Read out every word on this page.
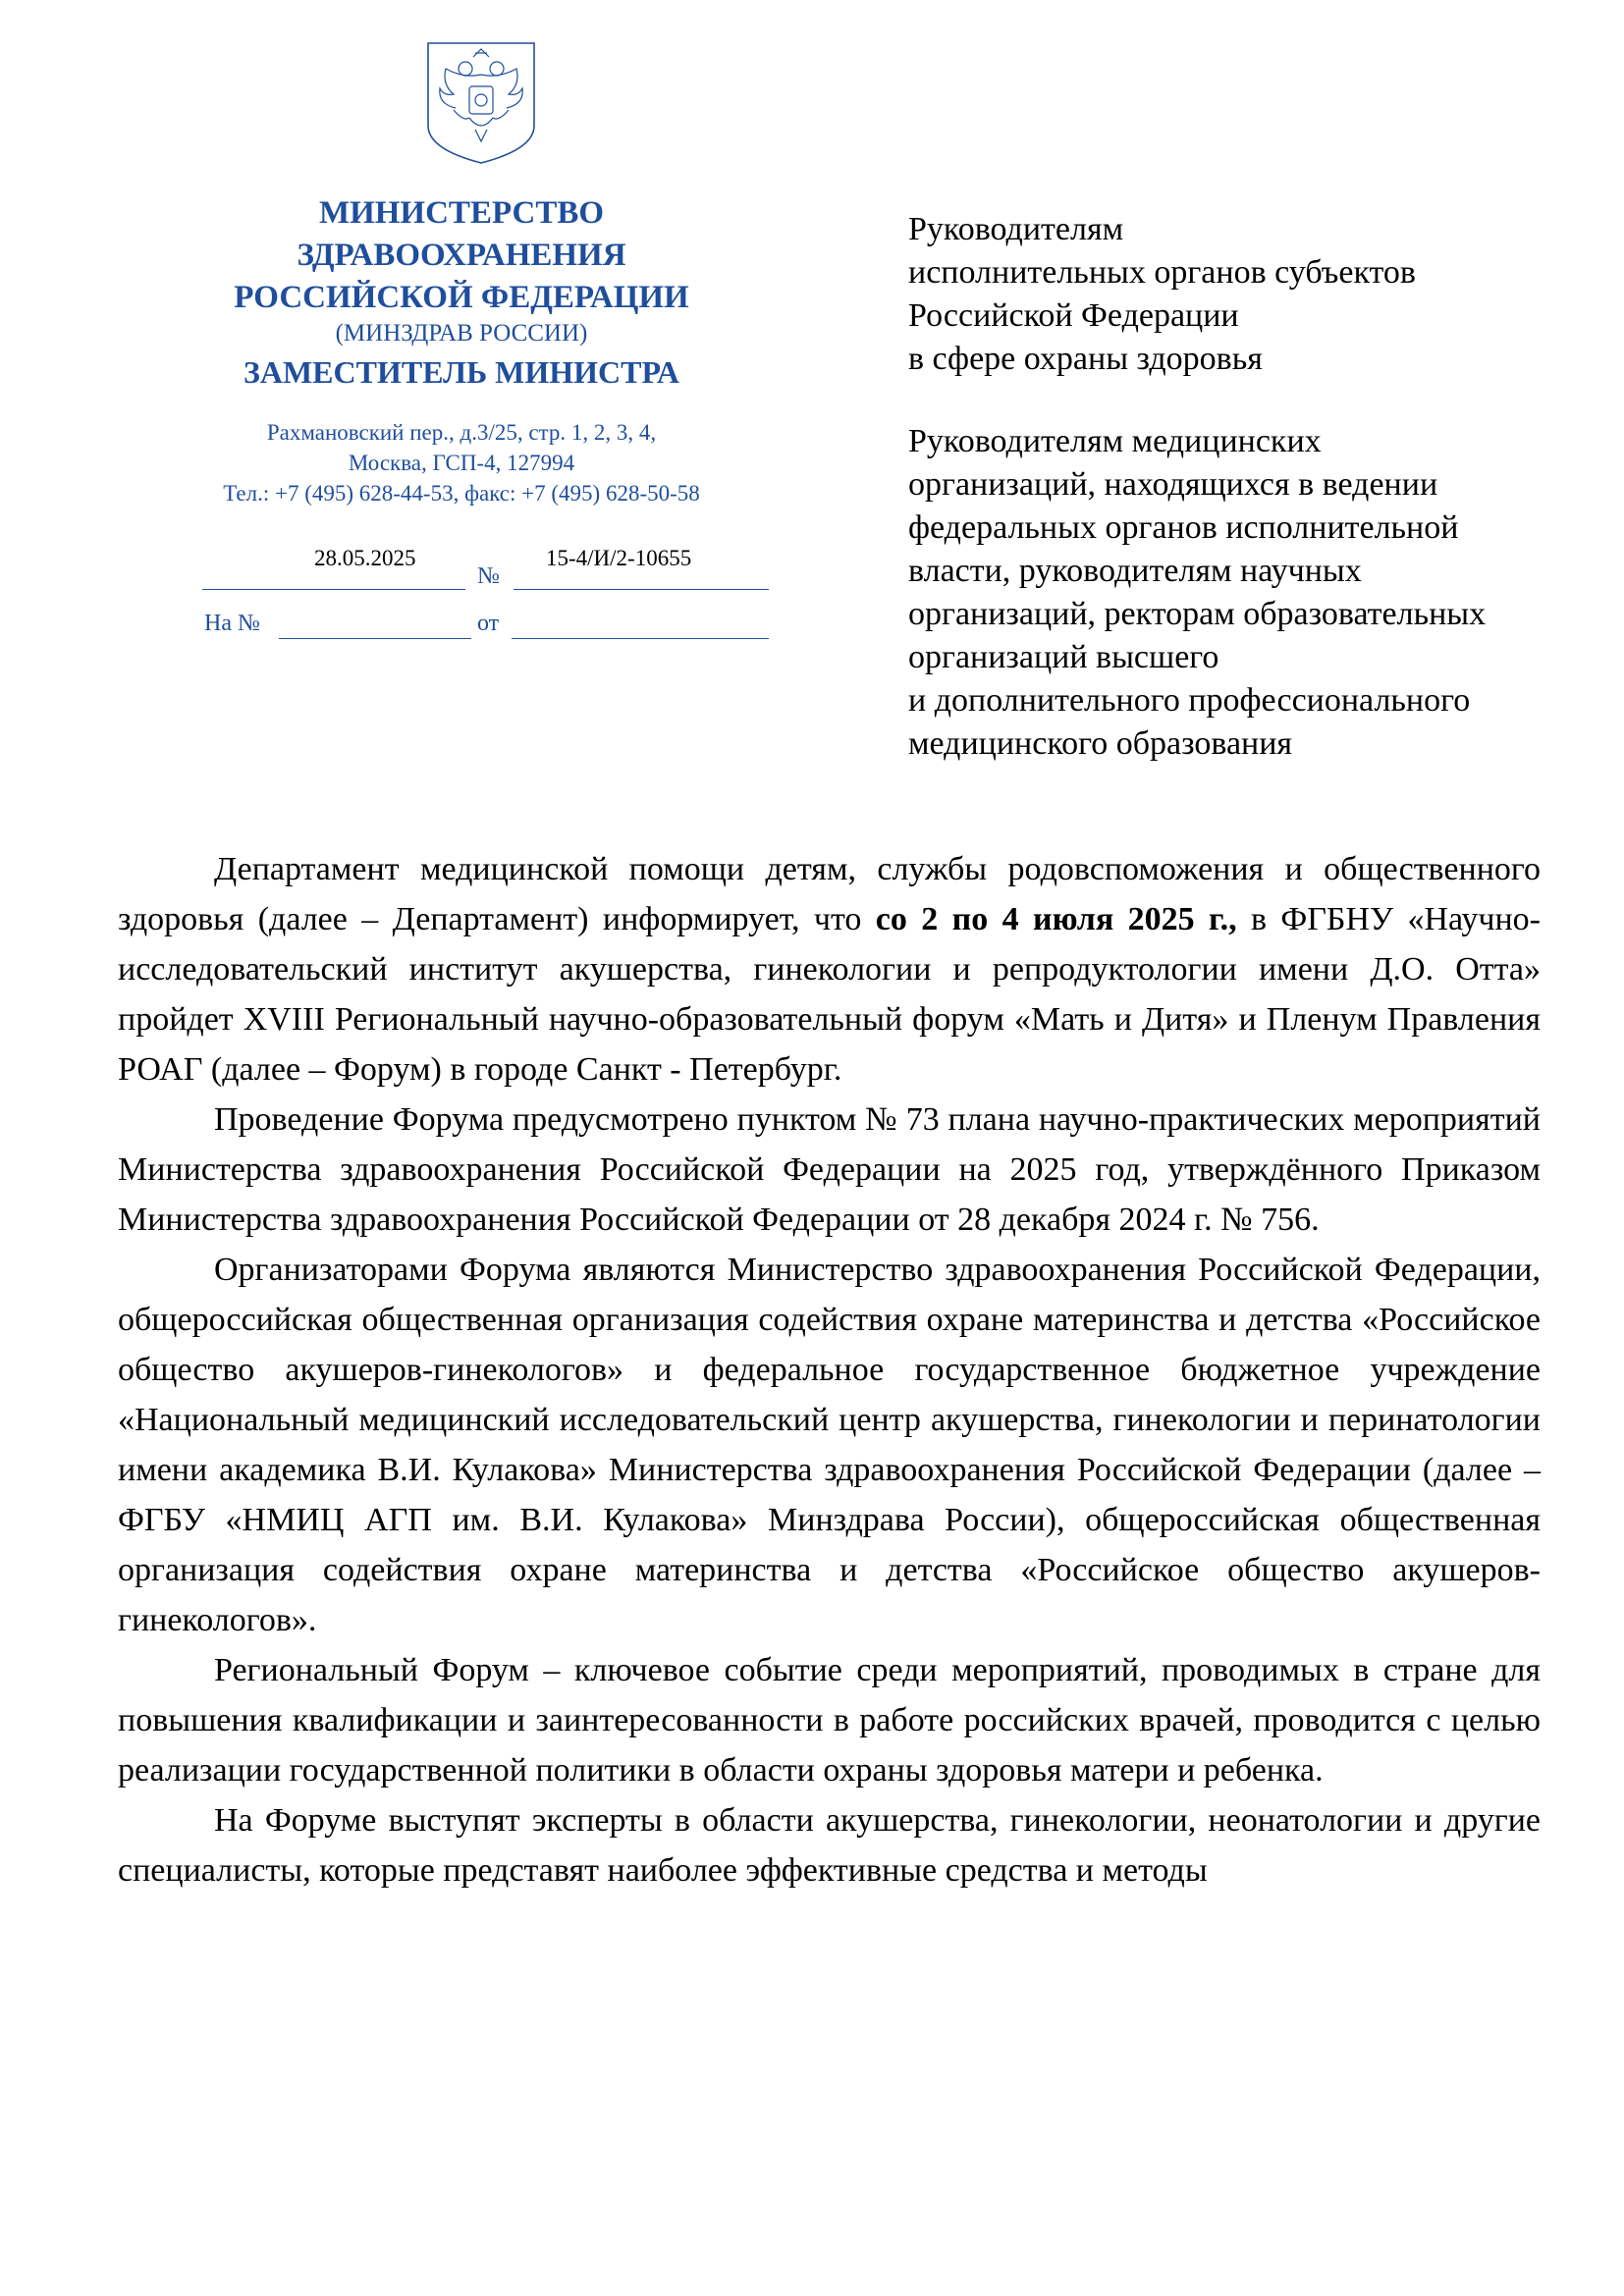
МИНИСТЕРСТВО
ЗДРАВООХРАНЕНИЯ
РОССИЙСКОЙ ФЕДЕРАЦИИ
(МИНЗДРАВ РОССИИ)
ЗАМЕСТИТЕЛЬ МИНИСТРА
Рахмановский пер., д.3/25, стр. 1, 2, 3, 4,
Москва, ГСП-4, 127994
Тел.: +7 (495) 628-44-53, факс: +7 (495) 628-50-58
28.05.2025
№
15-4/И/2-10655
На №	от
Руководителям
исполнительных органов субъектов
Российской Федерации
в сфере охраны здоровья
Руководителям медицинских
организаций, находящихся в ведении
федеральных органов исполнительной
власти, руководителям научных
организаций, ректорам образовательных
организаций высшего
и дополнительного профессионального
медицинского образования

Департамент медицинской помощи детям, службы родовспоможения и общественного здоровья (далее – Департамент) информирует, что со 2 по 4 июля 2025 г., в ФГБНУ «Научно-исследовательский институт акушерства, гинекологии и репродуктологии имени Д.О. Отта» пройдет XVIII Региональный научно-образовательный форум «Мать и Дитя» и Пленум Правления РОАГ (далее – Форум) в городе Санкт - Петербург.

Проведение Форума предусмотрено пунктом № 73 плана научно-практических мероприятий Министерства здравоохранения Российской Федерации на 2025 год, утверждённого Приказом Министерства здравоохранения Российской Федерации от 28 декабря 2024 г. № 756.

Организаторами Форума являются Министерство здравоохранения Российской Федерации, общероссийская общественная организация содействия охране материнства и детства «Российское общество акушеров-гинекологов» и федеральное государственное бюджетное учреждение «Национальный медицинский исследовательский центр акушерства, гинекологии и перинатологии имени академика В.И. Кулакова» Министерства здравоохранения Российской Федерации (далее – ФГБУ «НМИЦ АГП им. В.И. Кулакова» Минздрава России), общероссийская общественная организация содействия охране материнства и детства «Российское общество акушеров-гинекологов».

Региональный Форум – ключевое событие среди мероприятий, проводимых в стране для повышения квалификации и заинтересованности в работе российских врачей, проводится с целью реализации государственной политики в области охраны здоровья матери и ребенка.

На Форуме выступят эксперты в области акушерства, гинекологии, неонатологии и другие специалисты, которые представят наиболее эффективные средства и методы
